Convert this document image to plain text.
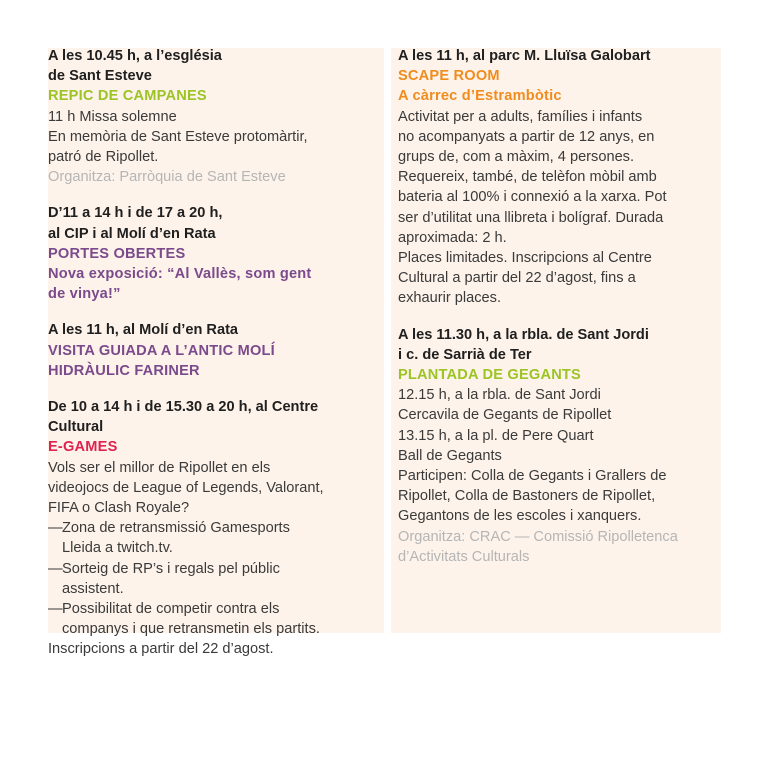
A les 10.45 h, a l’església
de Sant Esteve
REPIC DE CAMPANES
11 h Missa solemne
En memòria de Sant Esteve protomàrtir,
patró de Ripollet.
Organitza: Parròquia de Sant Esteve
D’11 a 14 h i de 17 a 20 h,
al CIP i al Molí d’en Rata
PORTES OBERTES
Nova exposició: “Al Vallès, som gent
de vinya!”
A les 11 h, al Molí d’en Rata
VISITA GUIADA A L’ANTIC MOLÍ
HIDRÀULIC FARINER
De 10 a 14 h i de 15.30 a 20 h, al Centre
Cultural
E-GAMES
Vols ser el millor de Ripollet en els
videojocs de League of Legends, Valorant,
FIFA o Clash Royale?
— Zona de retransmissió Gamesports
Lleida a twitch.tv.
— Sorteig de RP’s i regals pel públic
assistent.
— Possibilitat de competir contra els
companys i que retransmetin els partits.
Inscripcions a partir del 22 d’agost.
A les 11 h, al parc M. Lluïsa Galobart
SCAPE ROOM
A càrrec d’Estrambòtic
Activitat per a adults, famílies i infants
no acompanyats a partir de 12 anys, en
grups de, com a màxim, 4 persones.
Requereix, també, de telèfon mòbil amb
bateria al 100% i connexió a la xarxa. Pot
ser d’utilitat una llibreta i bolígraf. Durada
aproximada: 2 h.
Places limitades. Inscripcions al Centre
Cultural a partir del 22 d’agost, fins a
exhaurir places.
A les 11.30 h, a la rbla. de Sant Jordi
i c. de Sarrià de Ter
PLANTADA DE GEGANTS
12.15 h, a la rbla. de Sant Jordi
Cercavila de Gegants de Ripollet
13.15 h, a la pl. de Pere Quart
Ball de Gegants
Participen: Colla de Gegants i Grallers de
Ripollet, Colla de Bastoners de Ripollet,
Gegantons de les escoles i xanquers.
Organitza: CRAC — Comissió Ripolletenca
d’Activitats Culturals
